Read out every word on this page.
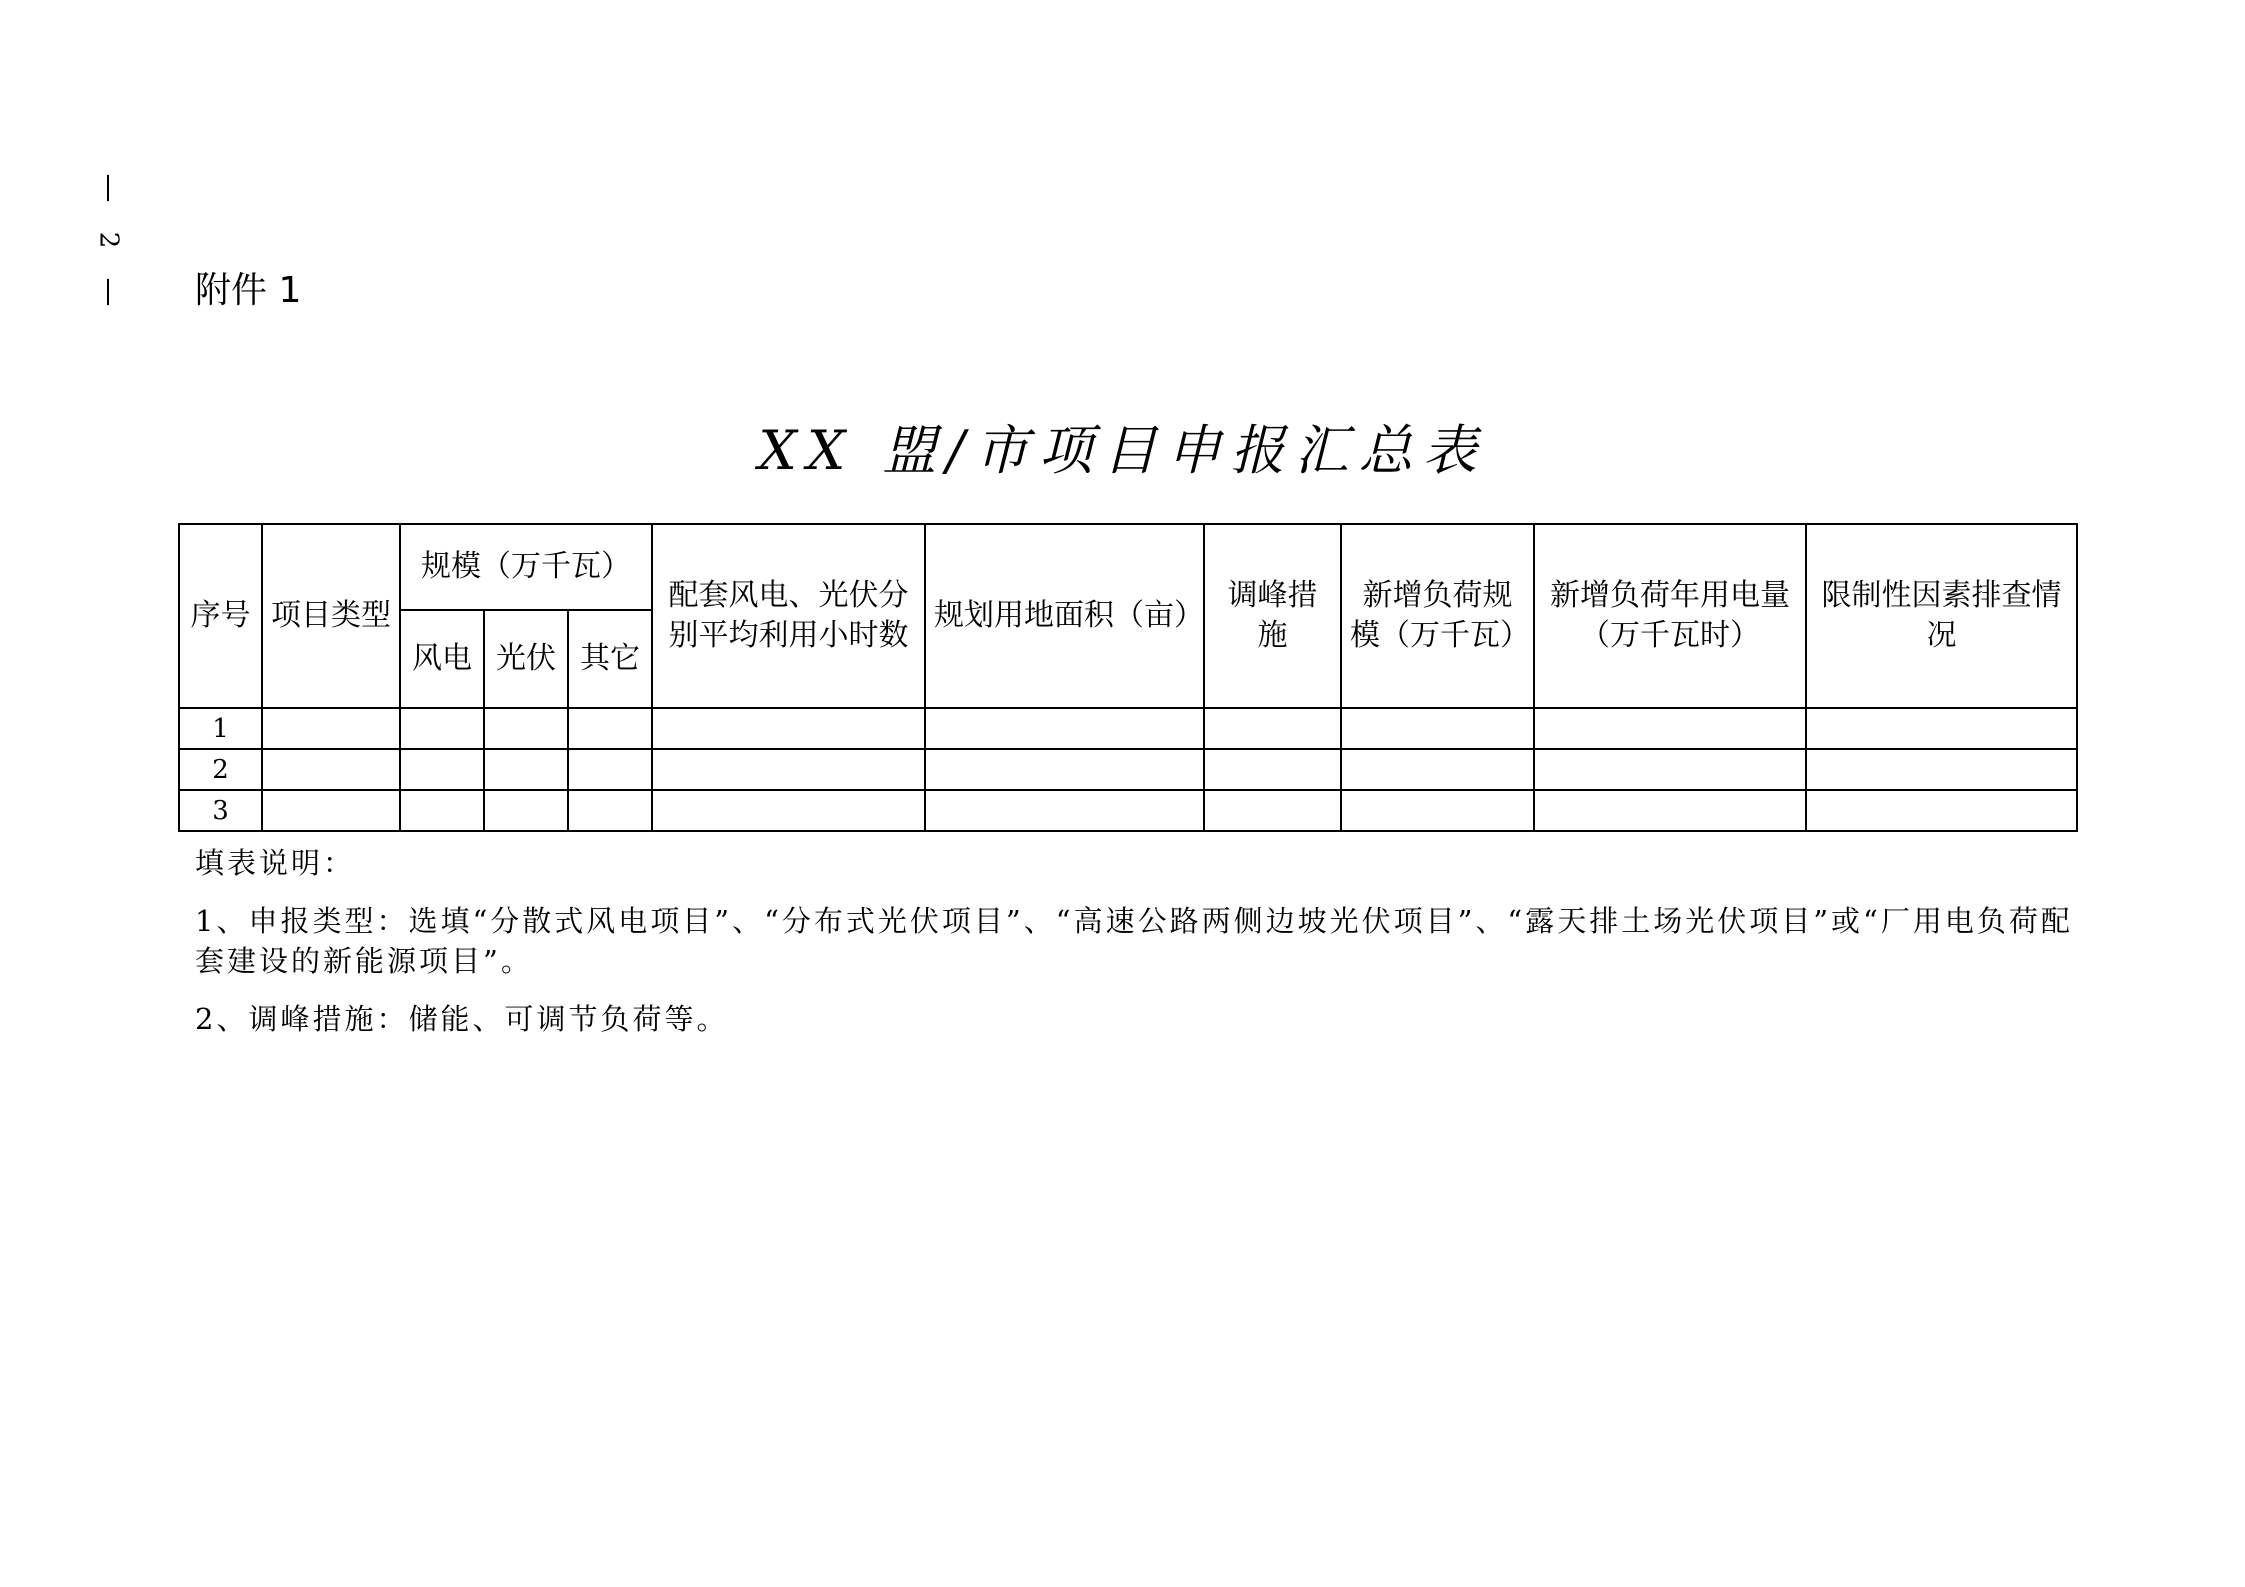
2
附件 1
XX 盟/市项目申报汇总表
序号	项目类型	规模（万千瓦）			配套风电、光伏分别平均利用小时数	规划用地面积（亩）	调峰措施	新增负荷规模（万千瓦）	新增负荷年用电量（万千瓦时）	限制性因素排查情况
		风电	光伏	其它						
1										
2										
3										

填表说明：

1、申报类型：选填“分散式风电项目”、“分布式光伏项目”、“高速公路两侧边坡光伏项目”、“露天排土场光伏项目”或“厂用电负荷配套建设的新能源项目”。

2、调峰措施：储能、可调节负荷等。
